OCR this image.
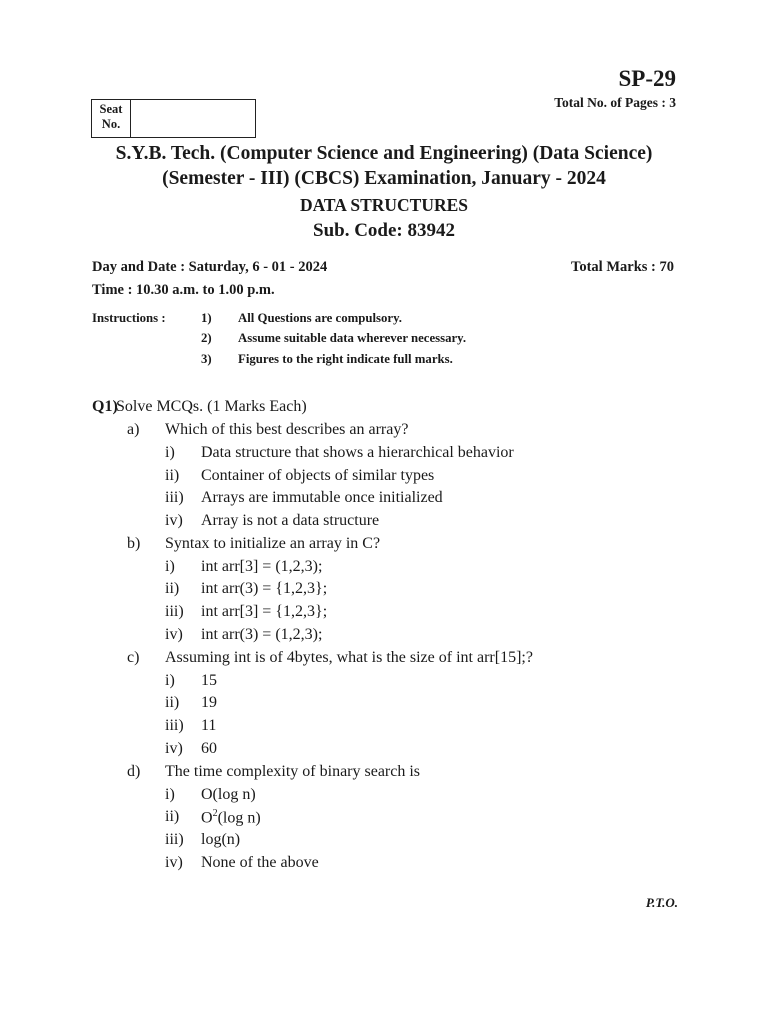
SP-29
Total No. of Pages : 3
Seat No.
S.Y.B. Tech. (Computer Science and Engineering) (Data Science)
(Semester - III) (CBCS) Examination, January - 2024
DATA STRUCTURES
Sub. Code: 83942
Day and Date : Saturday, 6 - 01 - 2024	Total Marks : 70
Time : 10.30 a.m. to 1.00 p.m.
Instructions :	1) All Questions are compulsory.
2) Assume suitable data wherever necessary.
3) Figures to the right indicate full marks.
Q1)
Solve MCQs. (1 Marks Each)
a) Which of this best describes an array?
i) Data structure that shows a hierarchical behavior
ii) Container of objects of similar types
iii) Arrays are immutable once initialized
iv) Array is not a data structure
b) Syntax to initialize an array in C?
i) int arr[3] = (1,2,3);
ii) int arr(3) = {1,2,3};
iii) int arr[3] = {1,2,3};
iv) int arr(3) = (1,2,3);
c) Assuming int is of 4bytes, what is the size of int arr[15];?
i) 15
ii) 19
iii) 11
iv) 60
d) The time complexity of binary search is
i) O(log n)
ii) $O^2(\log$ n)
iii) log(n)
iv) None of the above
P.T.O.
